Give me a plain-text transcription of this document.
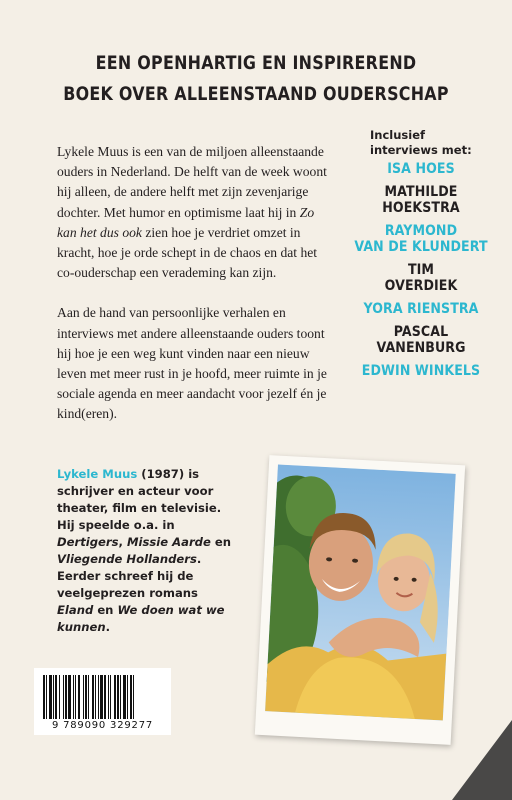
EEN OPENHARTIG EN INSPIREREND
BOEK OVER ALLEENSTAAND OUDERSCHAP

Lykele Muus is een van de miljoen alleenstaande ouders in Nederland. De helft van de week woont hij alleen, de andere helft met zijn zevenjarige dochter. Met humor en optimisme laat hij in Zo kan het dus ook zien hoe je verdriet omzet in kracht, hoe je orde schept in de chaos en dat het co-ouderschap een verademing kan zijn.

Aan de hand van persoonlijke verhalen en interviews met andere alleenstaande ouders toont hij hoe je een weg kunt vinden naar een nieuw leven met meer rust in je hoofd, meer ruimte in je sociale agenda en meer aandacht voor jezelf én je kind(eren).

Inclusief
interviews met:
ISA HOES
MATHILDE
HOEKSTRA
RAYMOND
VAN DE KLUNDERT
TIM
OVERDIEK
YORA RIENSTRA
PASCAL
VANENBURG
EDWIN WINKELS
Lykele Muus (1987) is schrijver en acteur voor theater, film en televisie. Hij speelde o.a. in Dertigers, Missie Aarde en Vliegende Hollanders. Eerder schreef hij de veelgeprezen romans Eland en We doen wat we kunnen.
9 789090 329277
